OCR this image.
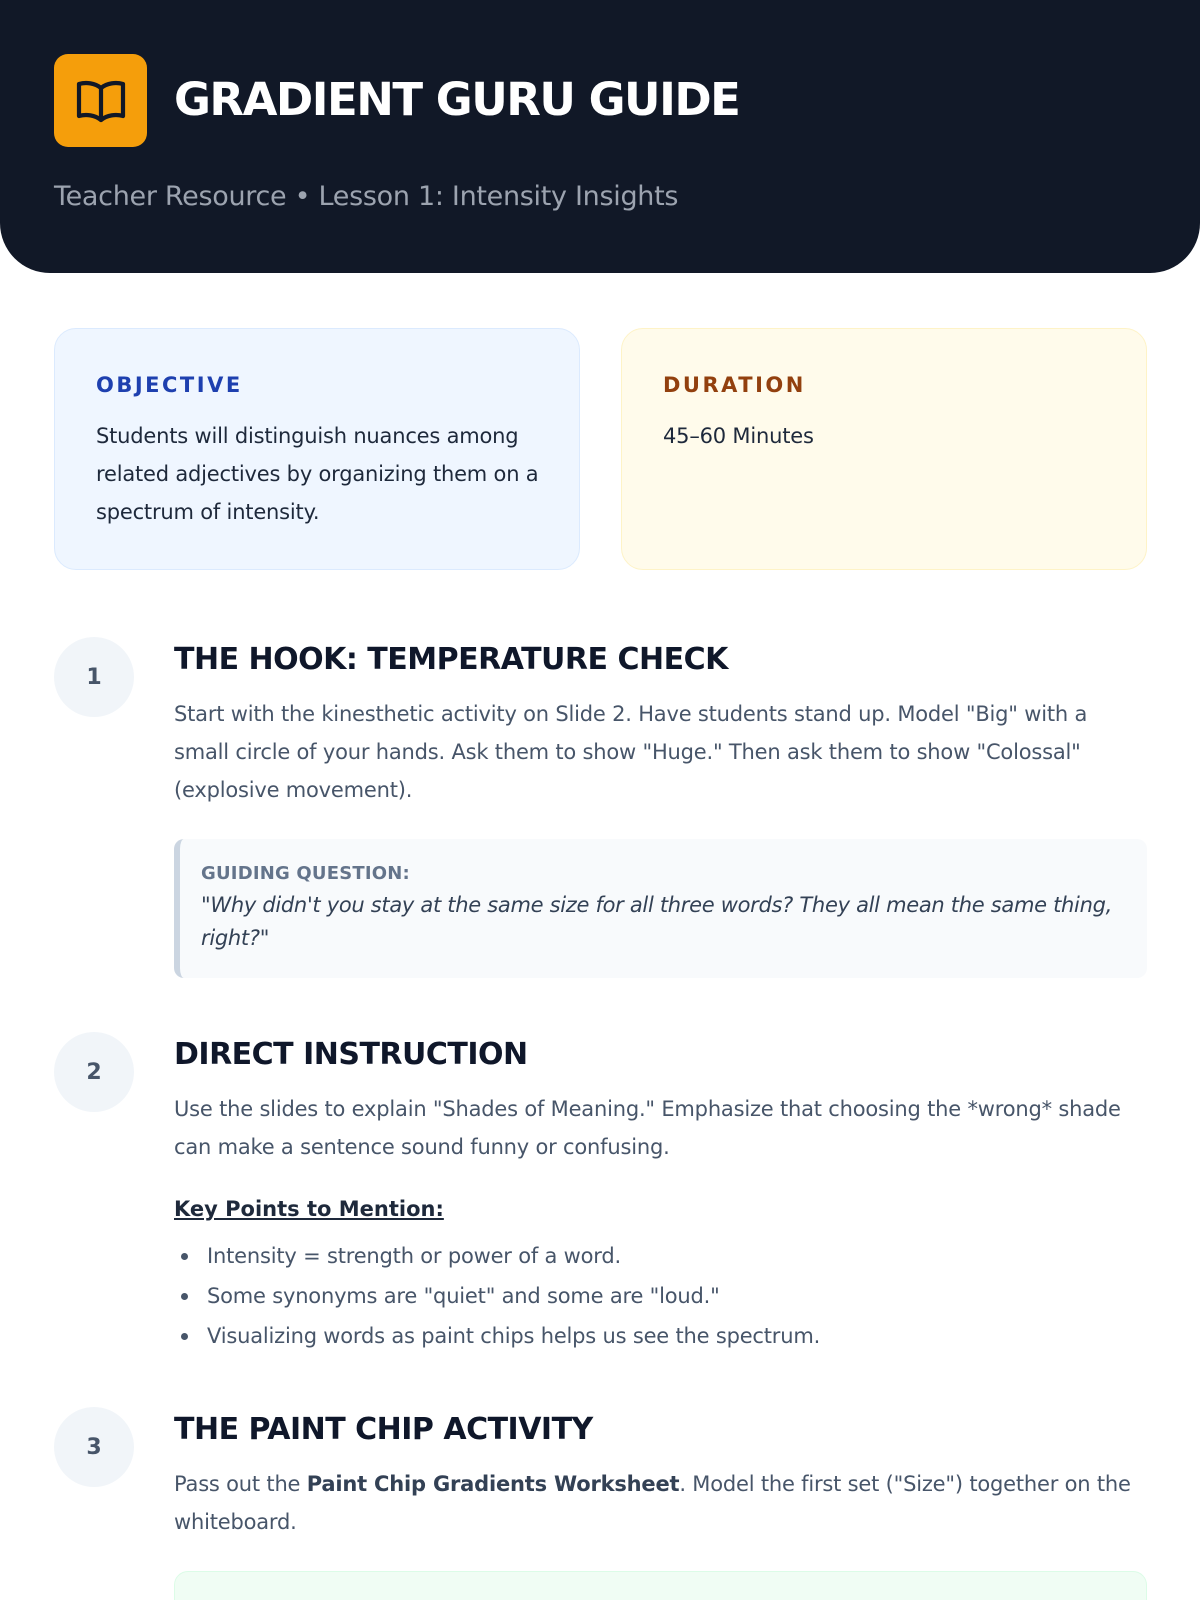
GRADIENT GURU GUIDE
Teacher Resource • Lesson 1: Intensity Insights
OBJECTIVE
Students will distinguish nuances among related adjectives by organizing them on a spectrum of intensity.
DURATION
45–60 Minutes
1	THE HOOK: TEMPERATURE CHECK
Start with the kinesthetic activity on Slide 2. Have students stand up. Model "Big" with a small circle of your hands. Ask them to show "Huge." Then ask them to show "Colossal" (explosive movement).
GUIDING QUESTION:
"Why didn't you stay at the same size for all three words? They all mean the same thing, right?"
2	DIRECT INSTRUCTION
Use the slides to explain "Shades of Meaning." Emphasize that choosing the *wrong* shade can make a sentence sound funny or confusing.
Key Points to Mention:
Intensity = strength or power of a word.
Some synonyms are "quiet" and some are "loud."
Visualizing words as paint chips helps us see the spectrum.
3	THE PAINT CHIP ACTIVITY
Pass out the Paint Chip Gradients Worksheet. Model the first set ("Size") together on the whiteboard.
